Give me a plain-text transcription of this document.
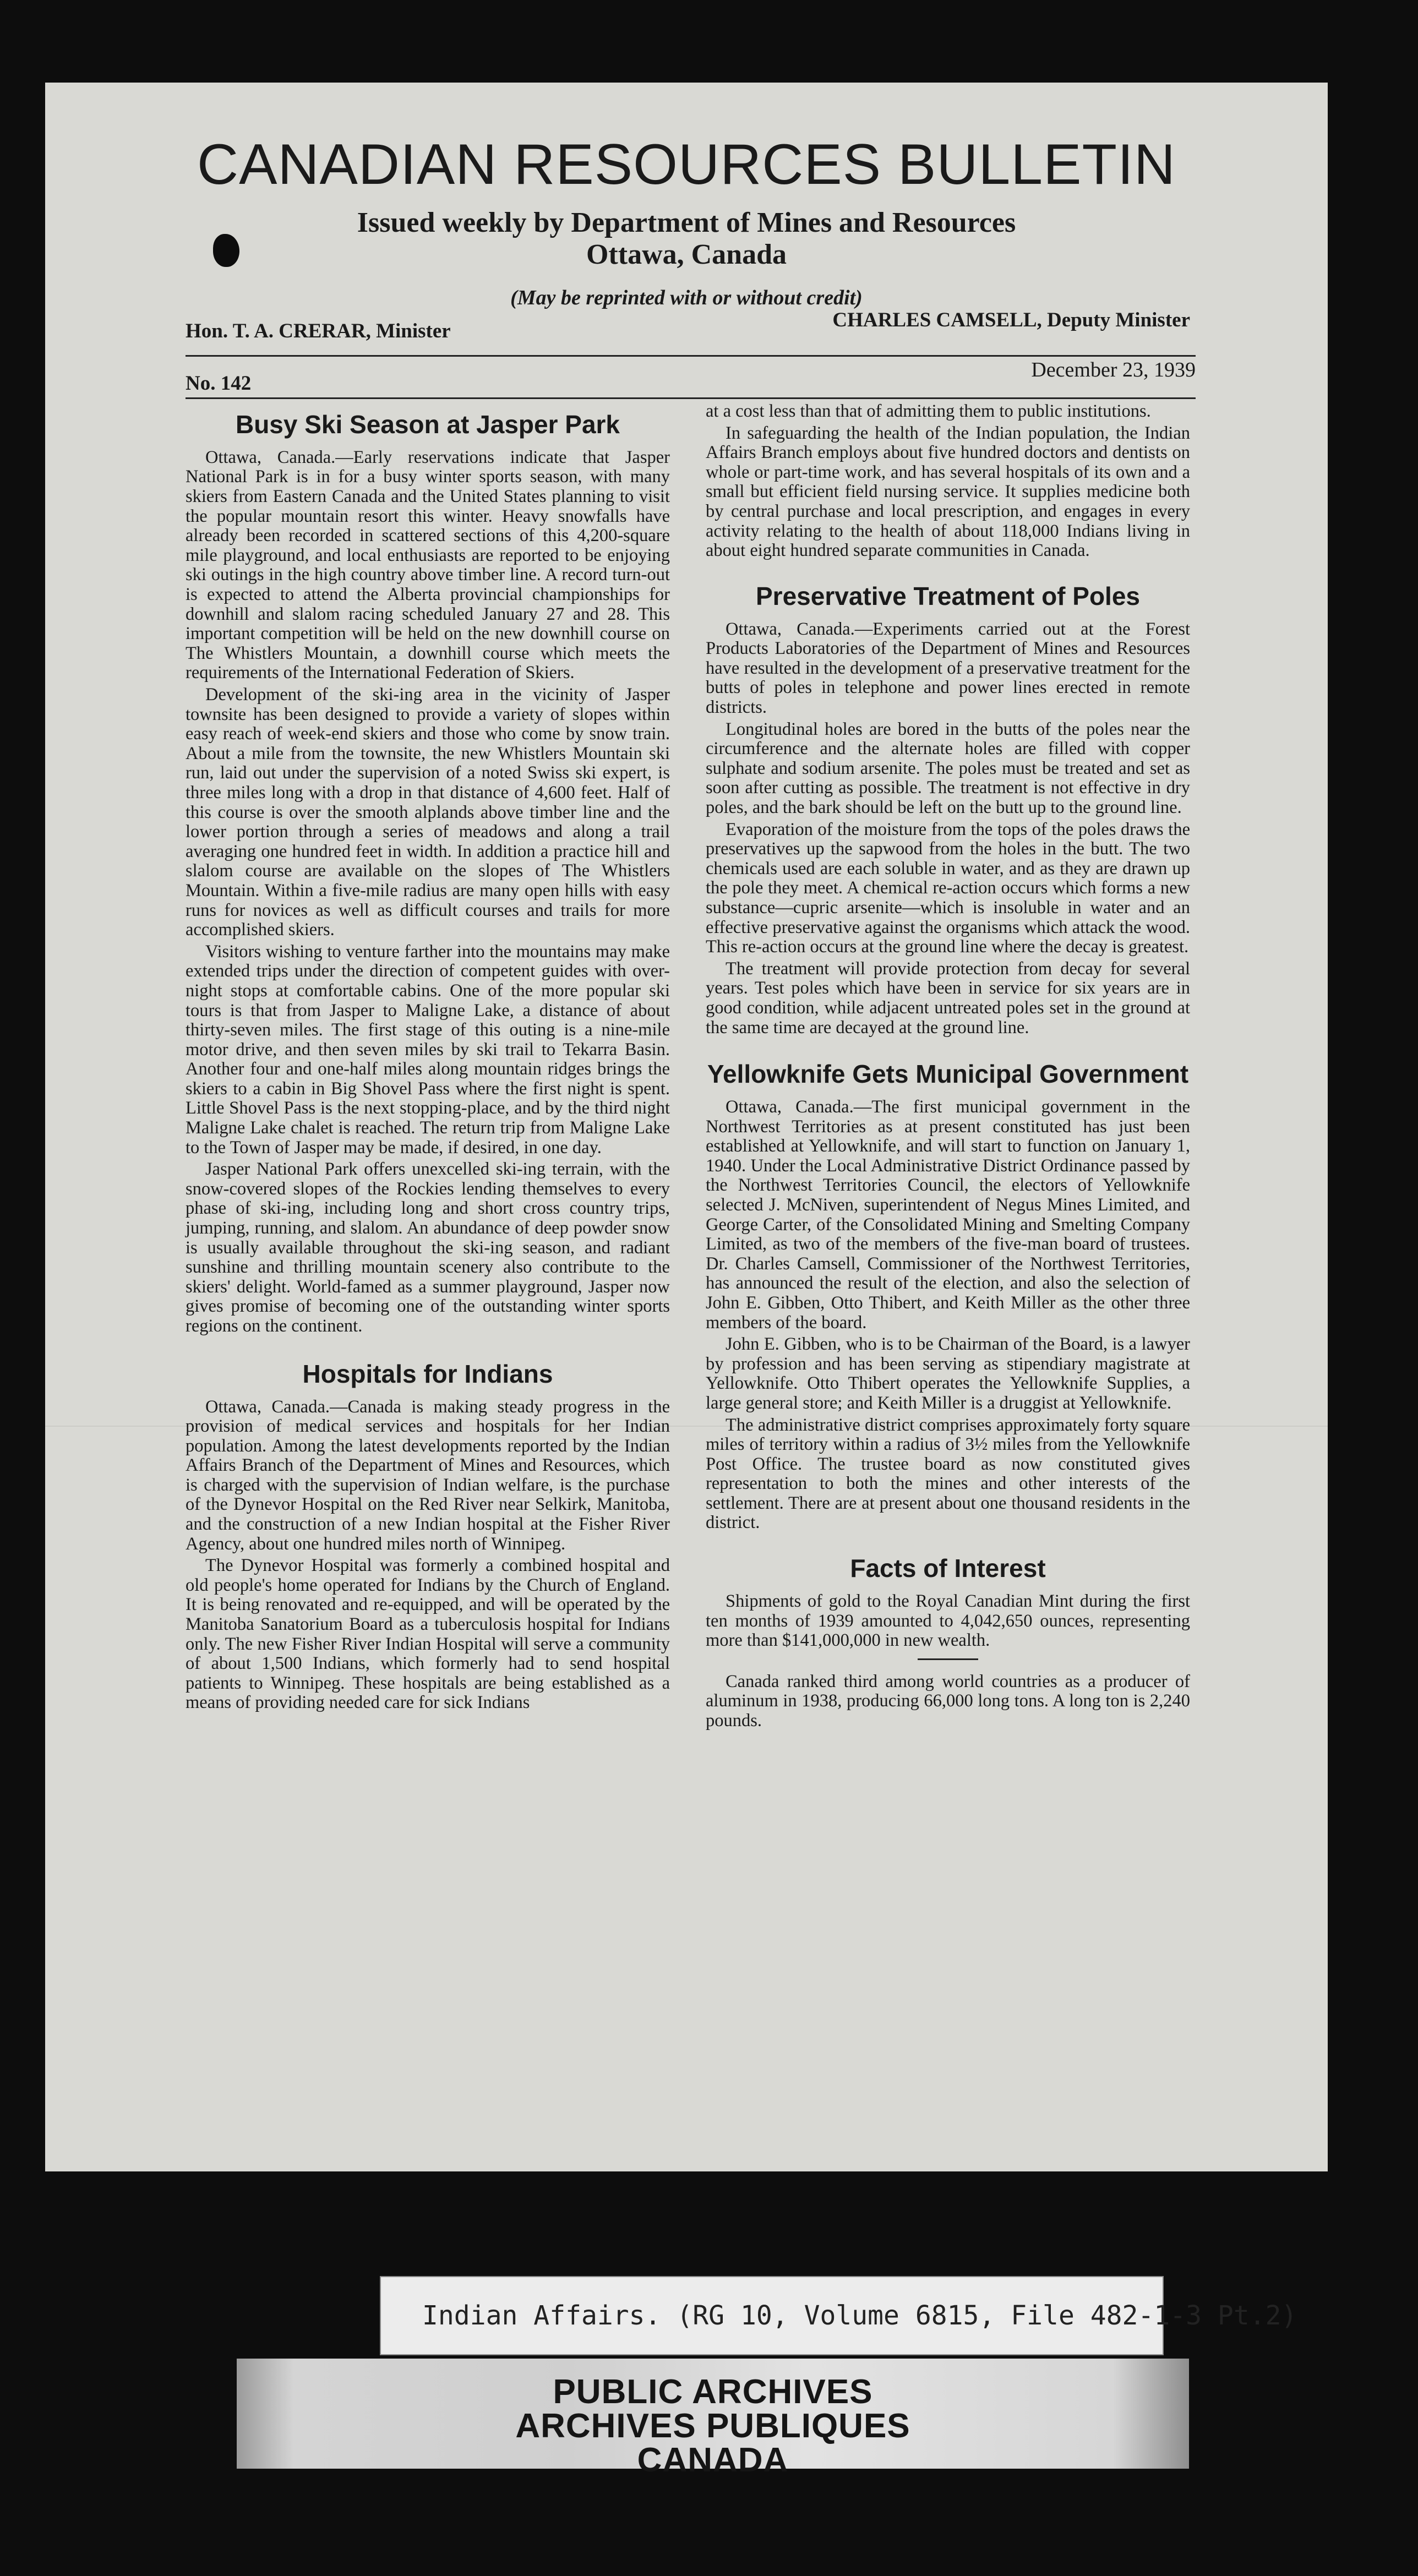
CANADIAN RESOURCES BULLETIN
Issued weekly by Department of Mines and Resources
Ottawa, Canada
(May be reprinted with or without credit)
Hon. T. A. CRERAR, Minister	CHARLES CAMSELL, Deputy Minister
No. 142
December 23, 1939
Busy Ski Season at Jasper Park

Ottawa, Canada.—Early reservations indicate that Jasper National Park is in for a busy winter sports season, with many skiers from Eastern Canada and the United States planning to visit the popular mountain resort this winter. Heavy snowfalls have already been recorded in scattered sections of this 4,200-square mile playground, and local enthusiasts are reported to be enjoying ski outings in the high country above timber line. A record turn-out is expected to attend the Alberta provincial championships for downhill and slalom racing scheduled January 27 and 28. This important competition will be held on the new downhill course on The Whistlers Mountain, a downhill course which meets the requirements of the International Federation of Skiers.

Development of the ski-ing area in the vicinity of Jasper townsite has been designed to provide a variety of slopes within easy reach of week-end skiers and those who come by snow train. About a mile from the townsite, the new Whistlers Mountain ski run, laid out under the supervision of a noted Swiss ski expert, is three miles long with a drop in that distance of 4,600 feet. Half of this course is over the smooth alplands above timber line and the lower portion through a series of meadows and along a trail averaging one hundred feet in width. In addition a practice hill and slalom course are available on the slopes of The Whistlers Mountain. Within a five-mile radius are many open hills with easy runs for novices as well as difficult courses and trails for more accomplished skiers.

Visitors wishing to venture farther into the mountains may make extended trips under the direction of competent guides with over-night stops at comfortable cabins. One of the more popular ski tours is that from Jasper to Maligne Lake, a distance of about thirty-seven miles. The first stage of this outing is a nine-mile motor drive, and then seven miles by ski trail to Tekarra Basin. Another four and one-half miles along mountain ridges brings the skiers to a cabin in Big Shovel Pass where the first night is spent. Little Shovel Pass is the next stopping-place, and by the third night Maligne Lake chalet is reached. The return trip from Maligne Lake to the Town of Jasper may be made, if desired, in one day.

Jasper National Park offers unexcelled ski-ing terrain, with the snow-covered slopes of the Rockies lending themselves to every phase of ski-ing, including long and short cross country trips, jumping, running, and slalom. An abundance of deep powder snow is usually available throughout the ski-ing season, and radiant sunshine and thrilling mountain scenery also contribute to the skiers' delight. World-famed as a summer playground, Jasper now gives promise of becoming one of the outstanding winter sports regions on the continent.

Hospitals for Indians

Ottawa, Canada.—Canada is making steady progress in the provision of medical services and hospitals for her Indian population. Among the latest developments reported by the Indian Affairs Branch of the Department of Mines and Resources, which is charged with the supervision of Indian welfare, is the purchase of the Dynevor Hospital on the Red River near Selkirk, Manitoba, and the construction of a new Indian hospital at the Fisher River Agency, about one hundred miles north of Winnipeg.

The Dynevor Hospital was formerly a combined hospital and old people's home operated for Indians by the Church of England. It is being renovated and re-equipped, and will be operated by the Manitoba Sanatorium Board as a tuberculosis hospital for Indians only. The new Fisher River Indian Hospital will serve a community of about 1,500 Indians, which formerly had to send hospital patients to Winnipeg. These hospitals are being established as a means of providing needed care for sick Indians

at a cost less than that of admitting them to public institutions.

In safeguarding the health of the Indian population, the Indian Affairs Branch employs about five hundred doctors and dentists on whole or part-time work, and has several hospitals of its own and a small but efficient field nursing service. It supplies medicine both by central purchase and local prescription, and engages in every activity relating to the health of about 118,000 Indians living in about eight hundred separate communities in Canada.

Preservative Treatment of Poles

Ottawa, Canada.—Experiments carried out at the Forest Products Laboratories of the Department of Mines and Resources have resulted in the development of a preservative treatment for the butts of poles in telephone and power lines erected in remote districts.

Longitudinal holes are bored in the butts of the poles near the circumference and the alternate holes are filled with copper sulphate and sodium arsenite. The poles must be treated and set as soon after cutting as possible. The treatment is not effective in dry poles, and the bark should be left on the butt up to the ground line.

Evaporation of the moisture from the tops of the poles draws the preservatives up the sapwood from the holes in the butt. The two chemicals used are each soluble in water, and as they are drawn up the pole they meet. A chemical re-action occurs which forms a new substance—cupric arsenite—which is insoluble in water and an effective preservative against the organisms which attack the wood. This re-action occurs at the ground line where the decay is greatest.

The treatment will provide protection from decay for several years. Test poles which have been in service for six years are in good condition, while adjacent untreated poles set in the ground at the same time are decayed at the ground line.

Yellowknife Gets Municipal Government

Ottawa, Canada.—The first municipal government in the Northwest Territories as at present constituted has just been established at Yellowknife, and will start to function on January 1, 1940. Under the Local Administrative District Ordinance passed by the Northwest Territories Council, the electors of Yellowknife selected J. McNiven, superintendent of Negus Mines Limited, and George Carter, of the Consolidated Mining and Smelting Company Limited, as two of the members of the five-man board of trustees. Dr. Charles Camsell, Commissioner of the Northwest Territories, has announced the result of the election, and also the selection of John E. Gibben, Otto Thibert, and Keith Miller as the other three members of the board.

John E. Gibben, who is to be Chairman of the Board, is a lawyer by profession and has been serving as stipendiary magistrate at Yellowknife. Otto Thibert operates the Yellowknife Supplies, a large general store; and Keith Miller is a druggist at Yellowknife.

The administrative district comprises approximately forty square miles of territory within a radius of 3½ miles from the Yellowknife Post Office. The trustee board as now constituted gives representation to both the mines and other interests of the settlement. There are at present about one thousand residents in the district.

Facts of Interest

Shipments of gold to the Royal Canadian Mint during the first ten months of 1939 amounted to 4,042,650 ounces, representing more than $141,000,000 in new wealth.

Canada ranked third among world countries as a producer of aluminum in 1938, producing 66,000 long tons. A long ton is 2,240 pounds.

PUBLIC ARCHIVES
ARCHIVES PUBLIQUES
CANADA
Indian Affairs. (RG 10, Volume 6815, File 482-1-3 Pt.2)
